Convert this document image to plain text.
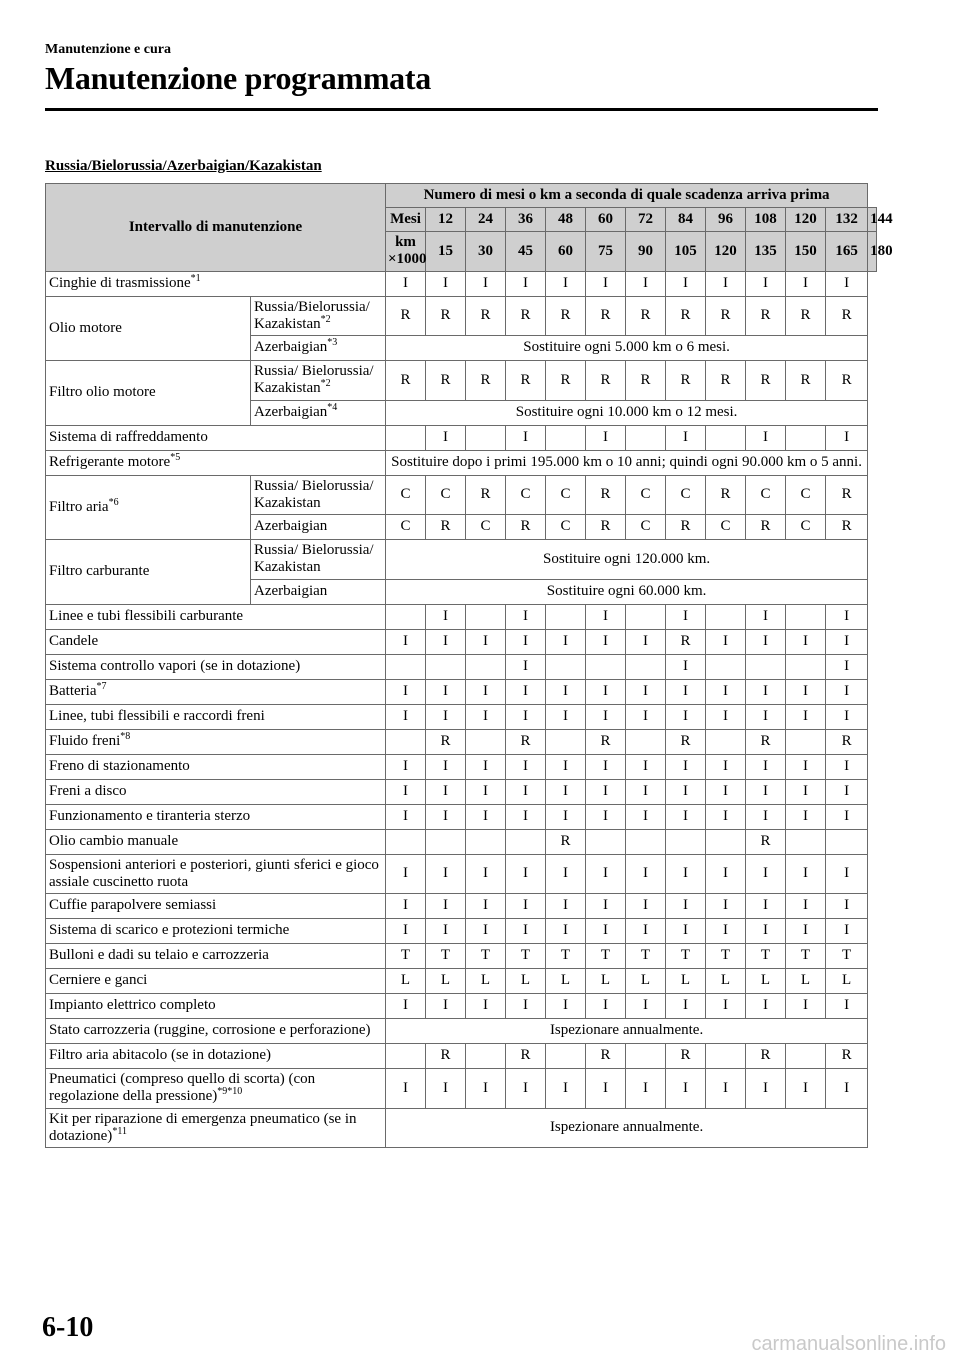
Manutenzione e cura
Manutenzione programmata
Russia/Bielorussia/Azerbaigian/Kazakistan
Intervallo di manutenzione		Numero di mesi o km a seconda di quale scadenza arriva prima												
		Mesi	12	24	36	48	60	72	84	96	108	120	132	144
		km ×1000	15	30	45	60	75	90	105	120	135	150	165	180
Cinghie di trasmissione$^{*1}$		I	I	I	I	I	I	I	I	I	I	I	I	
Olio motore	Russia/Bielorussia/ Kazakistan$^{*2}$	R	R	R	R	R	R	R	R	R	R	R	R	
	Azerbaigian$^{*3}$	Sostituire ogni 5.000 km o 6 mesi.												
Filtro olio motore	Russia/ Bielorussia/ Kazakistan$^{*2}$	R	R	R	R	R	R	R	R	R	R	R	R	
	Azerbaigian$^{*4}$	Sostituire ogni 10.000 km o 12 mesi.												
Sistema di raffreddamento			I		I		I		I		I		I	
Refrigerante motore$^{*5}$		Sostituire dopo i primi 195.000 km o 10 anni; quindi ogni 90.000 km o 5 anni.												
Filtro aria$^{*6}$	Russia/ Bielorussia/ Kazakistan	C	C	R	C	C	R	C	C	R	C	C	R	
	Azerbaigian	C	R	C	R	C	R	C	R	C	R	C	R	
Filtro carburante	Russia/ Bielorussia/ Kazakistan	Sostituire ogni 120.000 km.												
	Azerbaigian	Sostituire ogni 60.000 km.												
Linee e tubi flessibili carburante			I		I		I		I		I		I	
Candele		I	I	I	I	I	I	I	R	I	I	I	I	
Sistema controllo vapori (se in dotazione)					I				I				I	
Batteria$^{*7}$		I	I	I	I	I	I	I	I	I	I	I	I	
Linee, tubi flessibili e raccordi freni		I	I	I	I	I	I	I	I	I	I	I	I	
Fluido freni$^{*8}$			R		R		R		R		R		R	
Freno di stazionamento		I	I	I	I	I	I	I	I	I	I	I	I	
Freni a disco		I	I	I	I	I	I	I	I	I	I	I	I	
Funzionamento e tiranteria sterzo		I	I	I	I	I	I	I	I	I	I	I	I	
Olio cambio manuale						R					R			
Sospensioni anteriori e posteriori, giunti sferici e gioco assiale cuscinetto ruota		I	I	I	I	I	I	I	I	I	I	I	I	
Cuffie parapolvere semiassi		I	I	I	I	I	I	I	I	I	I	I	I	
Sistema di scarico e protezioni termiche		I	I	I	I	I	I	I	I	I	I	I	I	
Bulloni e dadi su telaio e carrozzeria		T	T	T	T	T	T	T	T	T	T	T	T	
Cerniere e ganci		L	L	L	L	L	L	L	L	L	L	L	L	
Impianto elettrico completo		I	I	I	I	I	I	I	I	I	I	I	I	
Stato carrozzeria (ruggine, corrosione e perforazione)		Ispezionare annualmente.												
Filtro aria abitacolo (se in dotazione)			R		R		R		R		R		R	
Pneumatici (compreso quello di scorta) (con regolazione della pressione)$^{*9*10}$		I	I	I	I	I	I	I	I	I	I	I	I	
Kit per riparazione di emergenza pneumatico (se in dotazione)$^{*11}$		Ispezionare annualmente.												
6-10
carmanualsonline.info
